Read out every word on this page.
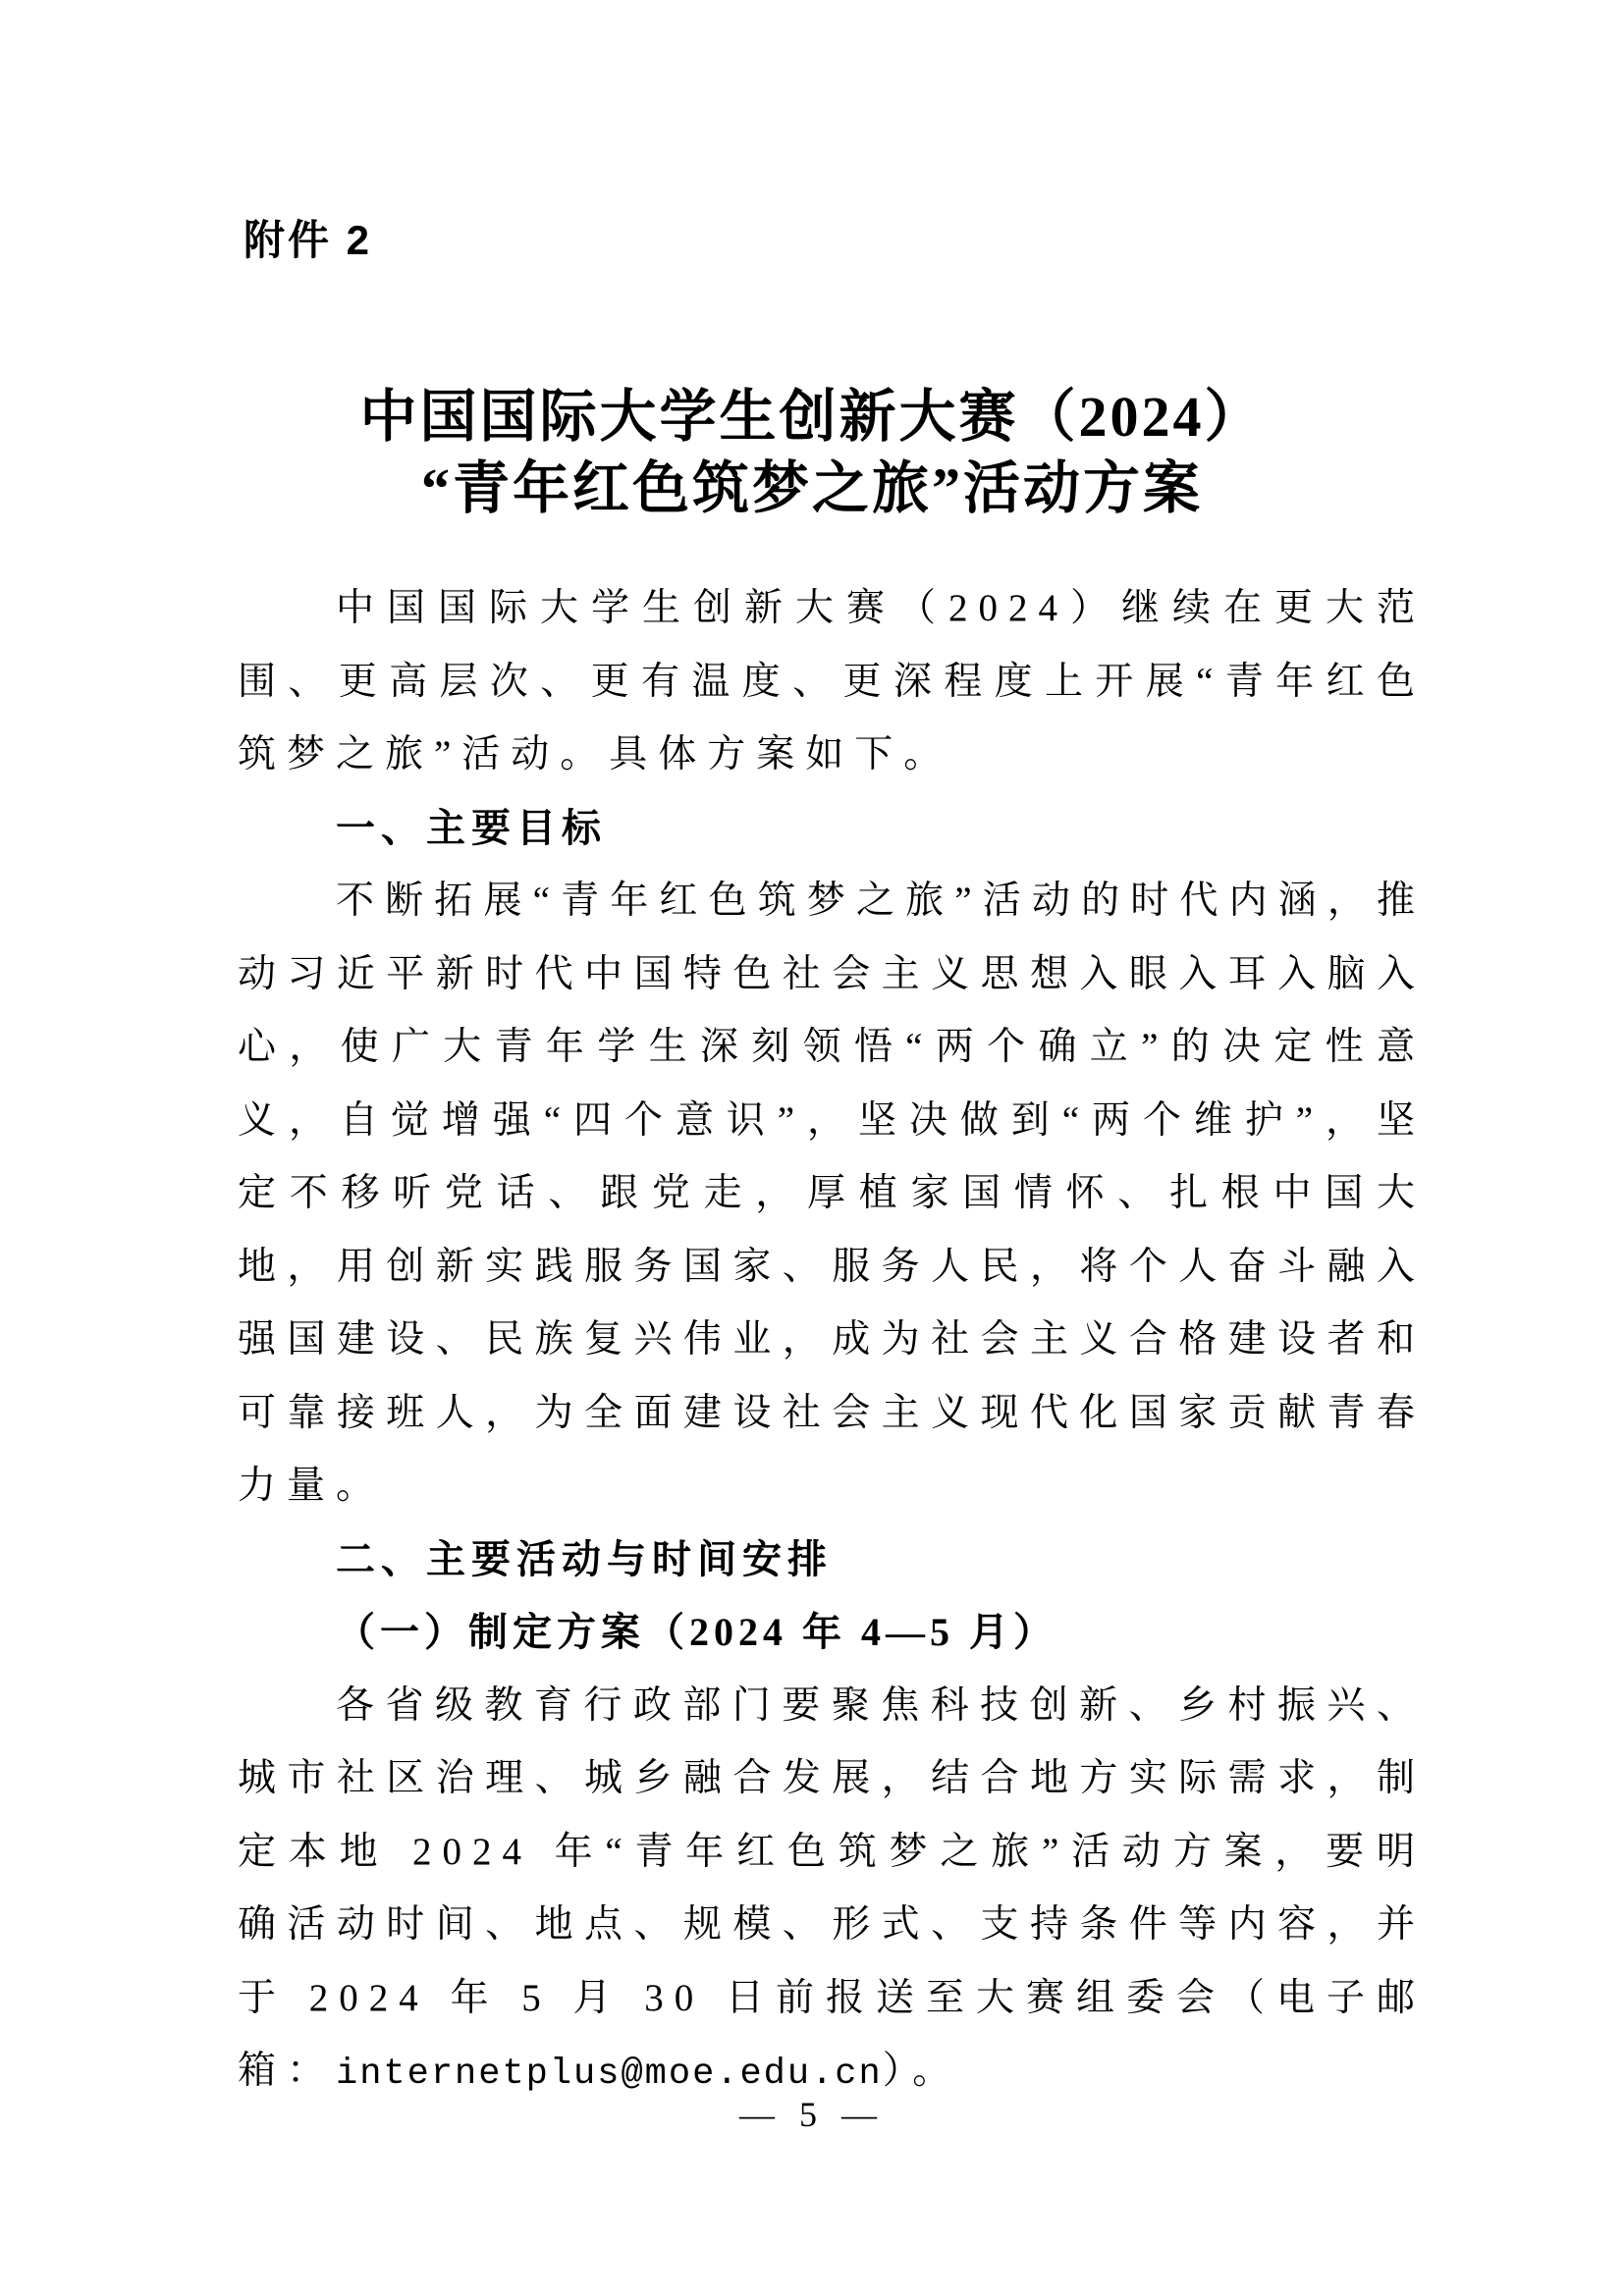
附件 2
中国国际大学生创新大赛（2024）
“青年红色筑梦之旅”活动方案

中国国际大学生创新大赛（2024）继续在更大范围、更高层次、更有温度、更深程度上开展“青年红色筑梦之旅”活动。具体方案如下。

一、主要目标

不断拓展“青年红色筑梦之旅”活动的时代内涵，推动习近平新时代中国特色社会主义思想入眼入耳入脑入心，使广大青年学生深刻领悟“两个确立”的决定性意义，自觉增强“四个意识”，坚决做到“两个维护”，坚定不移听党话、跟党走，厚植家国情怀、扎根中国大地，用创新实践服务国家、服务人民，将个人奋斗融入强国建设、民族复兴伟业，成为社会主义合格建设者和可靠接班人，为全面建设社会主义现代化国家贡献青春力量。

二、主要活动与时间安排
（一）制定方案（2024 年 4—5 月）

各省级教育行政部门要聚焦科技创新、乡村振兴、城市社区治理、城乡融合发展，结合地方实际需求，制定本地 2024 年“青年红色筑梦之旅”活动方案，要明确活动时间、地点、规模、形式、支持条件等内容，并于 2024 年 5 月 30 日前报送至大赛组委会（电子邮箱：internetplus@moe.edu.cn）。

— 5 —
